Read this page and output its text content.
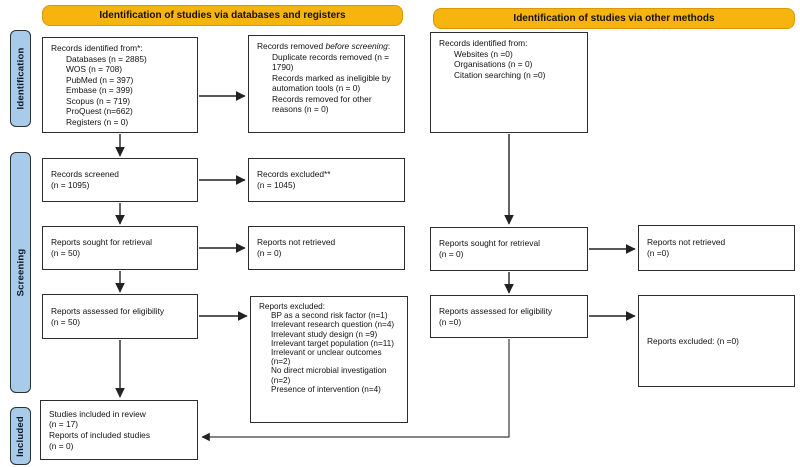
Identification of studies via databases and registers	Identification of studies via other methods
Identification
Screening
Included
Records identified from*:
Databases (n = 2885)
WOS (n = 708)
PubMed (n = 397)
Embase (n = 399)
Scopus (n = 719)
ProQuest (n=662)
Registers (n = 0)
Records screened
(n = 1095)
Reports sought for retrieval
(n = 50)
Reports assessed for eligibility
(n = 50)
Studies included in review
(n = 17)
Reports of included studies
(n = 0)
Records removed before screening:
Duplicate records removed (n = 1790)
Records marked as ineligible by automation tools (n = 0)
Records removed for other reasons (n = 0)
Records excluded**
(n = 1045)
Reports not retrieved
(n = 0)
Reports excluded:
BP as a second risk factor (n=1)
Irrelevant research question (n=4)
Irrelevant study design (n =9)
Irrelevant target population (n=11)
Irrelevant or unclear outcomes (n=2)
No direct microbial investigation (n=2)
Presence of intervention (n=4)
Records identified from:
Websites (n =0)
Organisations (n = 0)
Citation searching (n =0)
Reports sought for retrieval
(n = 0)
Reports assessed for eligibility
(n =0)
Reports not retrieved
(n =0)
Reports excluded: (n =0)
